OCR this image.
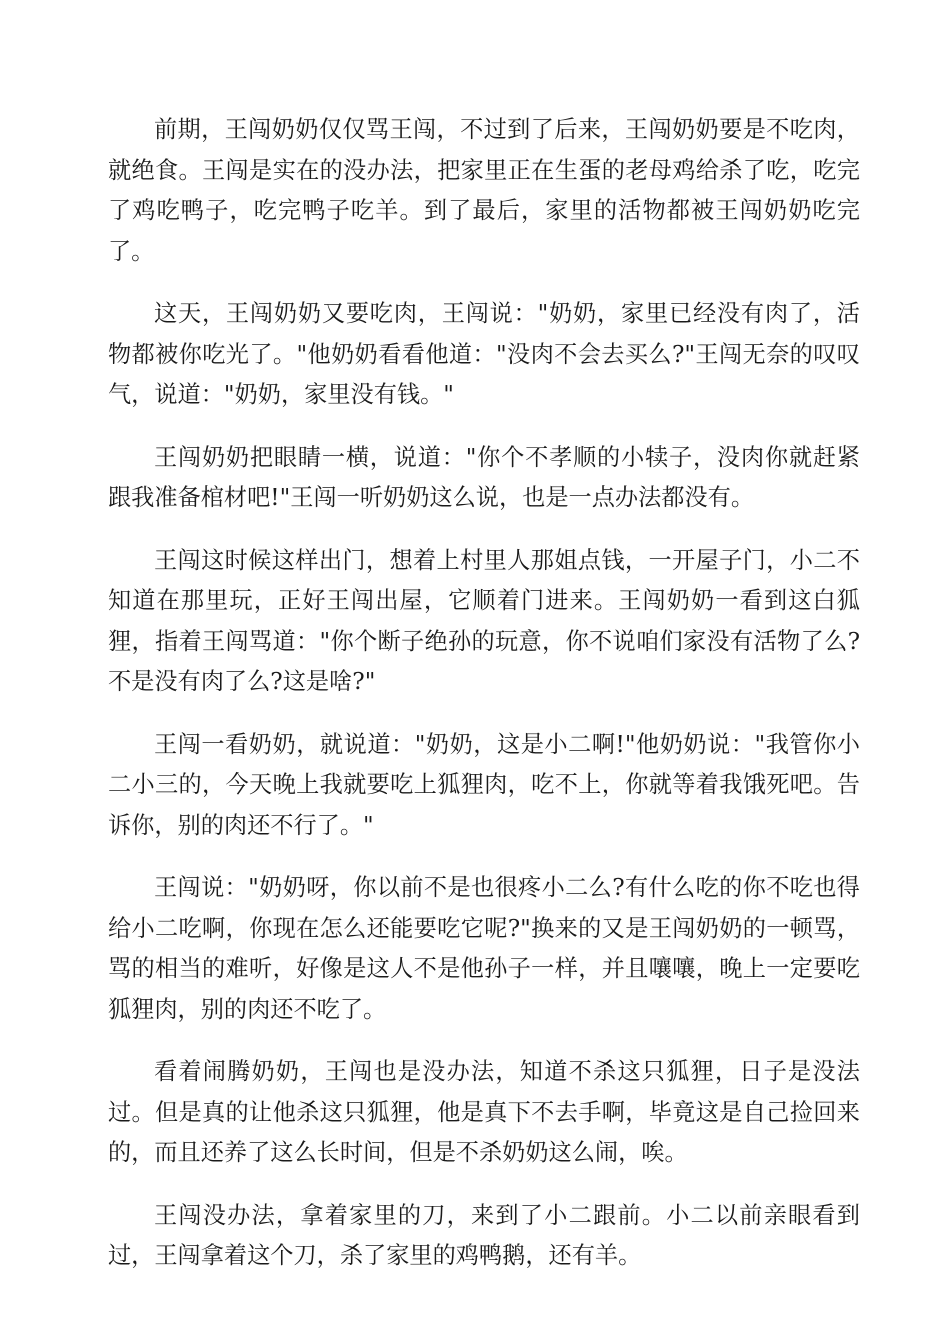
前期，王闯奶奶仅仅骂王闯，不过到了后来，王闯奶奶要是不吃肉，就绝食。王闯是实在的没办法，把家里正在生蛋的老母鸡给杀了吃，吃完了鸡吃鸭子，吃完鸭子吃羊。到了最后，家里的活物都被王闯奶奶吃完了。

这天，王闯奶奶又要吃肉，王闯说："奶奶，家里已经没有肉了，活物都被你吃光了。"他奶奶看看他道："没肉不会去买么?"王闯无奈的叹叹气，说道："奶奶，家里没有钱。"

王闯奶奶把眼睛一横，说道："你个不孝顺的小犊子，没肉你就赶紧跟我准备棺材吧!"王闯一听奶奶这么说，也是一点办法都没有。

王闯这时候这样出门，想着上村里人那姐点钱，一开屋子门，小二不知道在那里玩，正好王闯出屋，它顺着门进来。王闯奶奶一看到这白狐狸，指着王闯骂道："你个断子绝孙的玩意，你不说咱们家没有活物了么?不是没有肉了么?这是啥?"

王闯一看奶奶，就说道："奶奶，这是小二啊!"他奶奶说："我管你小二小三的，今天晚上我就要吃上狐狸肉，吃不上，你就等着我饿死吧。告诉你，别的肉还不行了。"

王闯说："奶奶呀，你以前不是也很疼小二么?有什么吃的你不吃也得给小二吃啊，你现在怎么还能要吃它呢?"换来的又是王闯奶奶的一顿骂，骂的相当的难听，好像是这人不是他孙子一样，并且嚷嚷，晚上一定要吃狐狸肉，别的肉还不吃了。

看着闹腾奶奶，王闯也是没办法，知道不杀这只狐狸，日子是没法过。但是真的让他杀这只狐狸，他是真下不去手啊，毕竟这是自己捡回来的，而且还养了这么长时间，但是不杀奶奶这么闹，唉。

王闯没办法，拿着家里的刀，来到了小二跟前。小二以前亲眼看到过，王闯拿着这个刀，杀了家里的鸡鸭鹅，还有羊。
